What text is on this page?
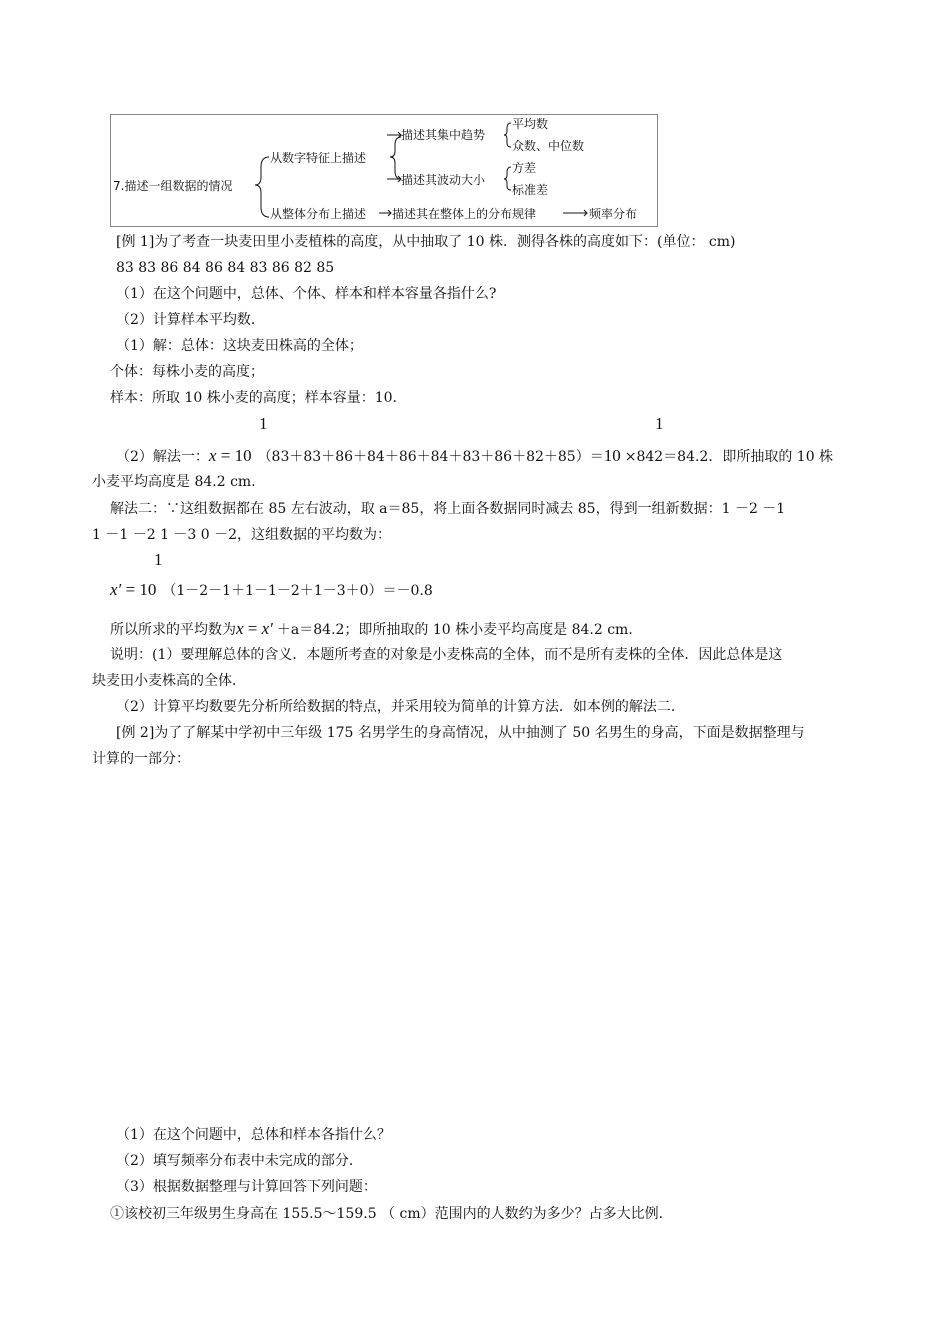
7.描述一组数据的情况
从数字特征上描述
从整体分布上描述
描述其集中趋势
描述其波动大小
平均数
众数、中位数
方差
标准差
描述其在整体上的分布规律	频率分布
[例 1]为了考查一块麦田里小麦植株的高度，从中抽取了 10 株．测得各株的高度如下：(单位： cm)
83 83 86 84 86 84 83 86 82 85
（1）在这个问题中，总体、个体、样本和样本容量各指什么?
（2）计算样本平均数．
（1）解：总体：这块麦田株高的全体；
个体：每株小麦的高度；
样本：所取 10 株小麦的高度；样本容量：10．
1	1
（2）解法一：x = 10 （83＋83＋86＋84＋86＋84＋83＋86＋82＋85）＝10 ×842＝84.2．即所抽取的 10 株
小麦平均高度是 84.2 cm．
解法二：∵这组数据都在 85 左右波动，取 a＝85，将上面各数据同时减去 85，得到一组新数据：1 －2 －1
1 －1 －2 1 －3 0 －2，这组数据的平均数为：
1
x′ = 10 （1－2－1＋1－1－2＋1－3＋0）＝－0.8
所以所求的平均数为x = x′ ＋a＝84.2；即所抽取的 10 株小麦平均高度是 84.2 cm．
说明：(1）要理解总体的含义．本题所考查的对象是小麦株高的全体，而不是所有麦株的全体．因此总体是这
块麦田小麦株高的全体．
（2）计算平均数要先分析所给数据的特点，并采用较为简单的计算方法．如本例的解法二．
[例 2]为了了解某中学初中三年级 175 名男学生的身高情况，从中抽测了 50 名男生的身高，下面是数据整理与
计算的一部分：
（1）在这个问题中，总体和样本各指什么？
（2）填写频率分布表中未完成的部分．
（3）根据数据整理与计算回答下列问题：
①该校初三年级男生身高在 155.5～159.5 （ cm）范围内的人数约为多少？占多大比例．
